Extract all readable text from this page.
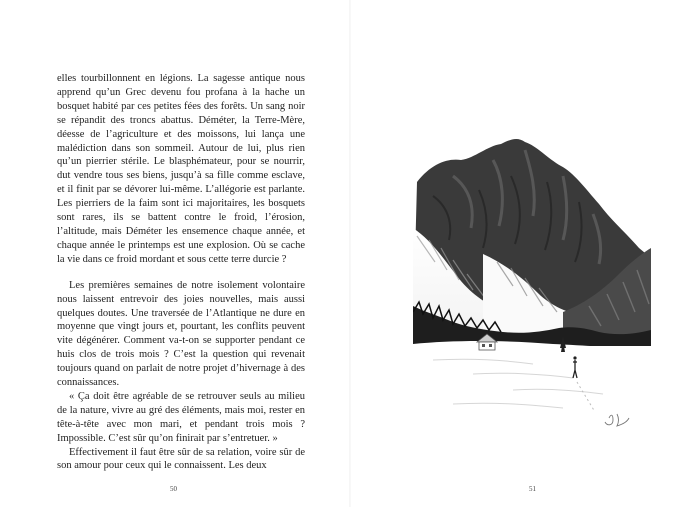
elles tourbillonnent en légions. La sagesse antique nous apprend qu’un Grec devenu fou profana à la hache un bosquet habité par ces petites fées des forêts. Un sang noir se répandit des troncs abattus. Déméter, la Terre-Mère, déesse de l’agriculture et des moissons, lui lança une malédiction dans son sommeil. Autour de lui, plus rien qu’un pierrier stérile. Le blasphémateur, pour se nourrir, dut vendre tous ses biens, jusqu’à sa fille comme esclave, et il finit par se dévorer lui-même. L’allégorie est parlante. Les pierriers de la faim sont ici majoritaires, les bosquets sont rares, ils se battent contre le froid, l’érosion, l’altitude, mais Déméter les ensemence chaque année, et chaque année le printemps est une explosion. Où se cache la vie dans ce froid mordant et sous cette terre durcie ?

Les premières semaines de notre isolement volontaire nous laissent entrevoir des joies nouvelles, mais aussi quelques doutes. Une traversée de l’Atlantique ne dure en moyenne que vingt jours et, pourtant, les conflits peuvent vite dégénérer. Comment va-t-on se supporter pendant ce huis clos de trois mois ? C’est la question qui revenait toujours quand on parlait de notre projet d’hivernage à des connaissances.

« Ça doit être agréable de se retrouver seuls au milieu de la nature, vivre au gré des éléments, mais moi, rester en tête-à-tête avec mon mari, et pendant trois mois ? Impossible. C’est sûr qu’on finirait par s’entretuer. »

Effectivement il faut être sûr de sa relation, voire sûr de son amour pour ceux qui le connaissent. Les deux

50	51
